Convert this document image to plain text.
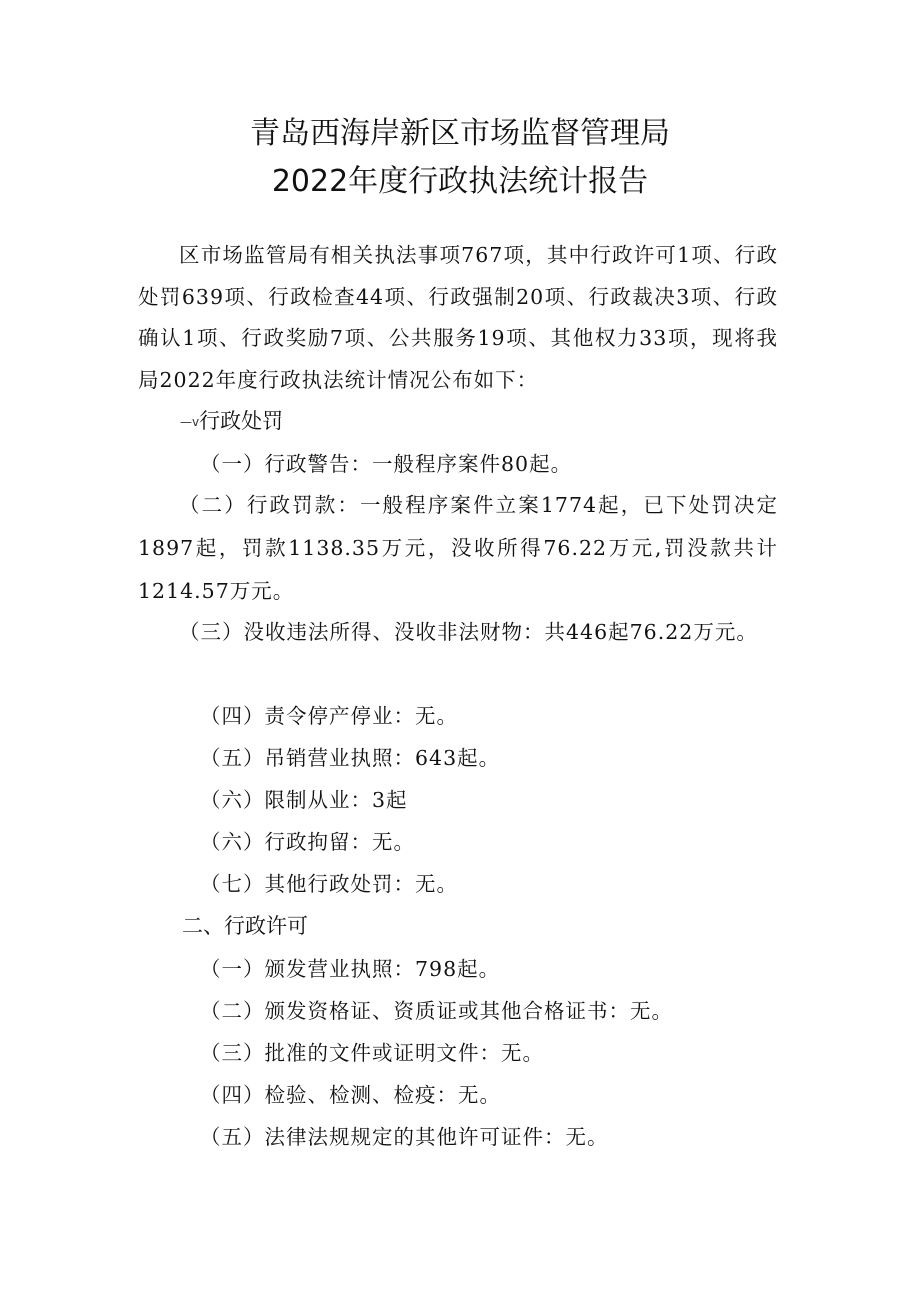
青岛西海岸新区市场监督管理局
2022年度行政执法统计报告

区市场监管局有相关执法事项767项，其中行政许可1项、行政处罚639项、行政检查44项、行政强制20项、行政裁决3项、行政确认1项、行政奖励7项、公共服务19项、其他权力33项，现将我局2022年度行政执法统计情况公布如下：

—v行政处罚
（一）行政警告：一般程序案件80起。

（二）行政罚款：一般程序案件立案1774起，已下处罚决定1897起，罚款1138.35万元，没收所得76.22万元,罚没款共计1214.57万元。

（三）没收违法所得、没收非法财物：共446起76.22万元。

（四）责令停产停业：无。
（五）吊销营业执照：643起。
（六）限制从业：3起
（六）行政拘留：无。
（七）其他行政处罚：无。
二、行政许可
（一）颁发营业执照：798起。
（二）颁发资格证、资质证或其他合格证书：无。
（三）批准的文件或证明文件：无。
（四）检验、检测、检疫：无。
（五）法律法规规定的其他许可证件：无。
